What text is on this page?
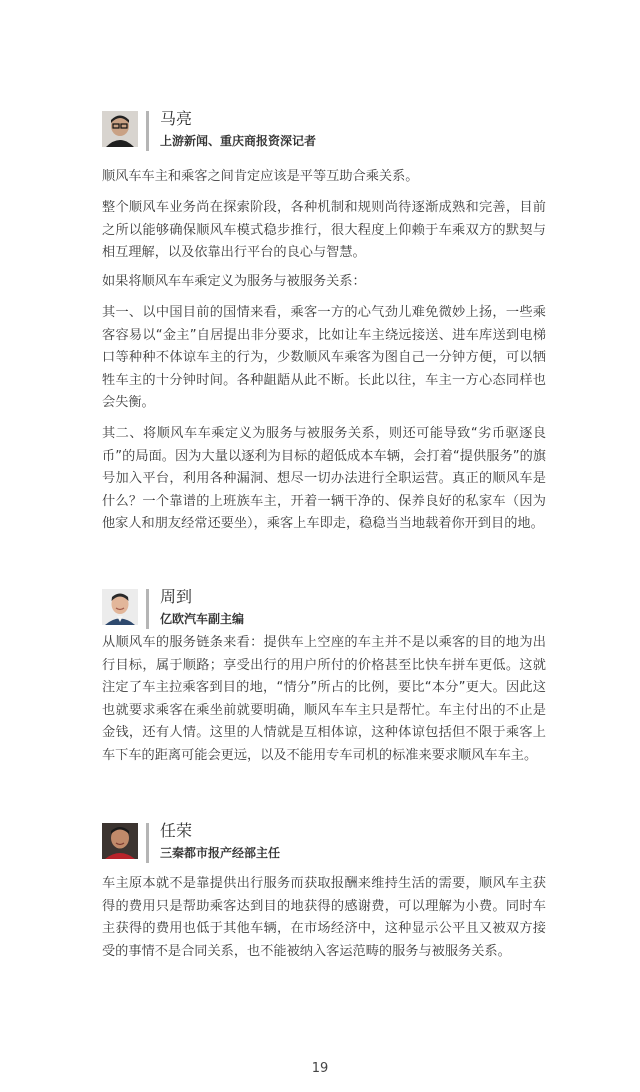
马亮
上游新闻、重庆商报资深记者

顺风车车主和乘客之间肯定应该是平等互助合乘关系。

整个顺风车业务尚在探索阶段，各种机制和规则尚待逐渐成熟和完善，目前之所以能够确保顺风车模式稳步推行，很大程度上仰赖于车乘双方的默契与相互理解，以及依靠出行平台的良心与智慧。

如果将顺风车车乘定义为服务与被服务关系：

其一、以中国目前的国情来看，乘客一方的心气劲儿难免微妙上扬，一些乘客容易以“金主”自居提出非分要求，比如让车主绕远接送、进车库送到电梯口等种种不体谅车主的行为，少数顺风车乘客为图自己一分钟方便，可以牺牲车主的十分钟时间。各种龃龉从此不断。长此以往，车主一方心态同样也会失衡。

其二、将顺风车车乘定义为服务与被服务关系，则还可能导致“劣币驱逐良币”的局面。因为大量以逐利为目标的超低成本车辆，会打着“提供服务”的旗号加入平台，利用各种漏洞、想尽一切办法进行全职运营。真正的顺风车是什么？一个靠谱的上班族车主，开着一辆干净的、保养良好的私家车（因为他家人和朋友经常还要坐），乘客上车即走，稳稳当当地载着你开到目的地。

周到
亿欧汽车副主编

从顺风车的服务链条来看：提供车上空座的车主并不是以乘客的目的地为出行目标，属于顺路；享受出行的用户所付的价格甚至比快车拼车更低。这就注定了车主拉乘客到目的地，“情分”所占的比例，要比“本分”更大。因此这也就要求乘客在乘坐前就要明确，顺风车车主只是帮忙。车主付出的不止是金钱，还有人情。这里的人情就是互相体谅，这种体谅包括但不限于乘客上车下车的距离可能会更远，以及不能用专车司机的标准来要求顺风车车主。

任荣
三秦都市报产经部主任

车主原本就不是靠提供出行服务而获取报酬来维持生活的需要，顺风车主获得的费用只是帮助乘客达到目的地获得的感谢费，可以理解为小费。同时车主获得的费用也低于其他车辆，在市场经济中，这种显示公平且又被双方接受的事情不是合同关系，也不能被纳入客运范畴的服务与被服务关系。

19
